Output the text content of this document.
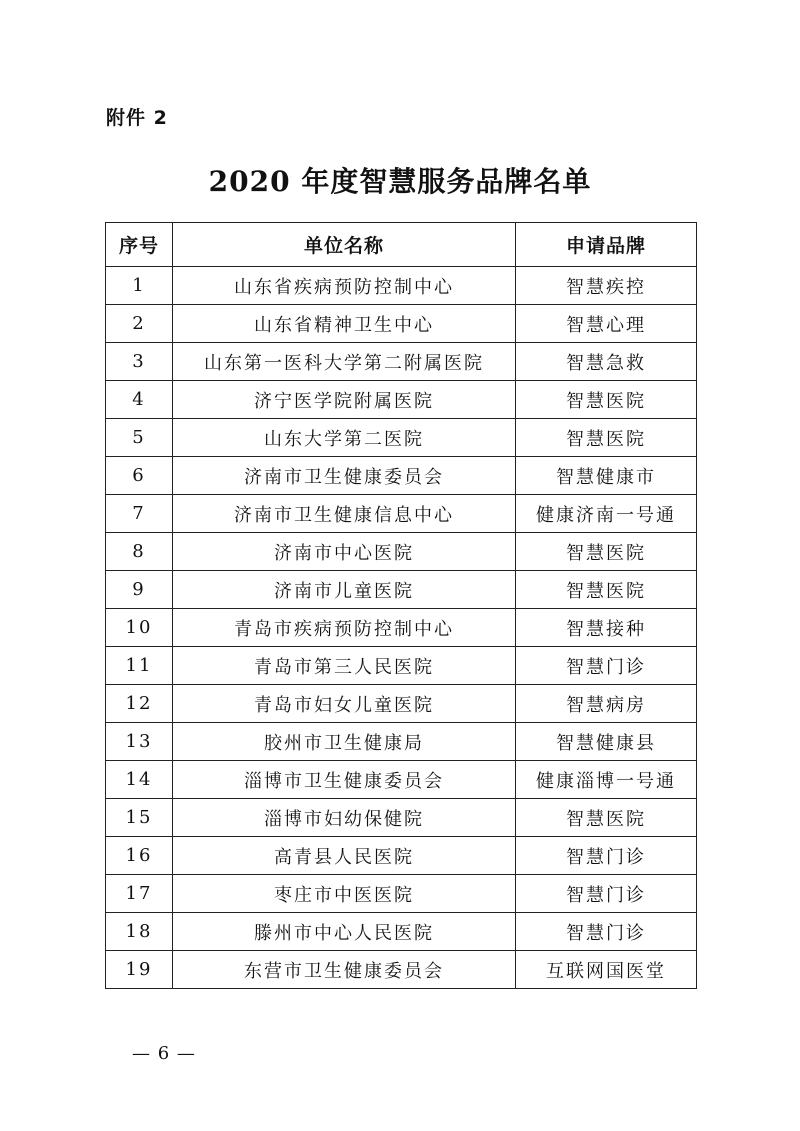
附件 2
2020 年度智慧服务品牌名单
序号	单位名称	申请品牌
1	山东省疾病预防控制中心	智慧疾控
2	山东省精神卫生中心	智慧心理
3	山东第一医科大学第二附属医院	智慧急救
4	济宁医学院附属医院	智慧医院
5	山东大学第二医院	智慧医院
6	济南市卫生健康委员会	智慧健康市
7	济南市卫生健康信息中心	健康济南一号通
8	济南市中心医院	智慧医院
9	济南市儿童医院	智慧医院
10	青岛市疾病预防控制中心	智慧接种
11	青岛市第三人民医院	智慧门诊
12	青岛市妇女儿童医院	智慧病房
13	胶州市卫生健康局	智慧健康县
14	淄博市卫生健康委员会	健康淄博一号通
15	淄博市妇幼保健院	智慧医院
16	高青县人民医院	智慧门诊
17	枣庄市中医医院	智慧门诊
18	滕州市中心人民医院	智慧门诊
19	东营市卫生健康委员会	互联网国医堂
— 6 —
